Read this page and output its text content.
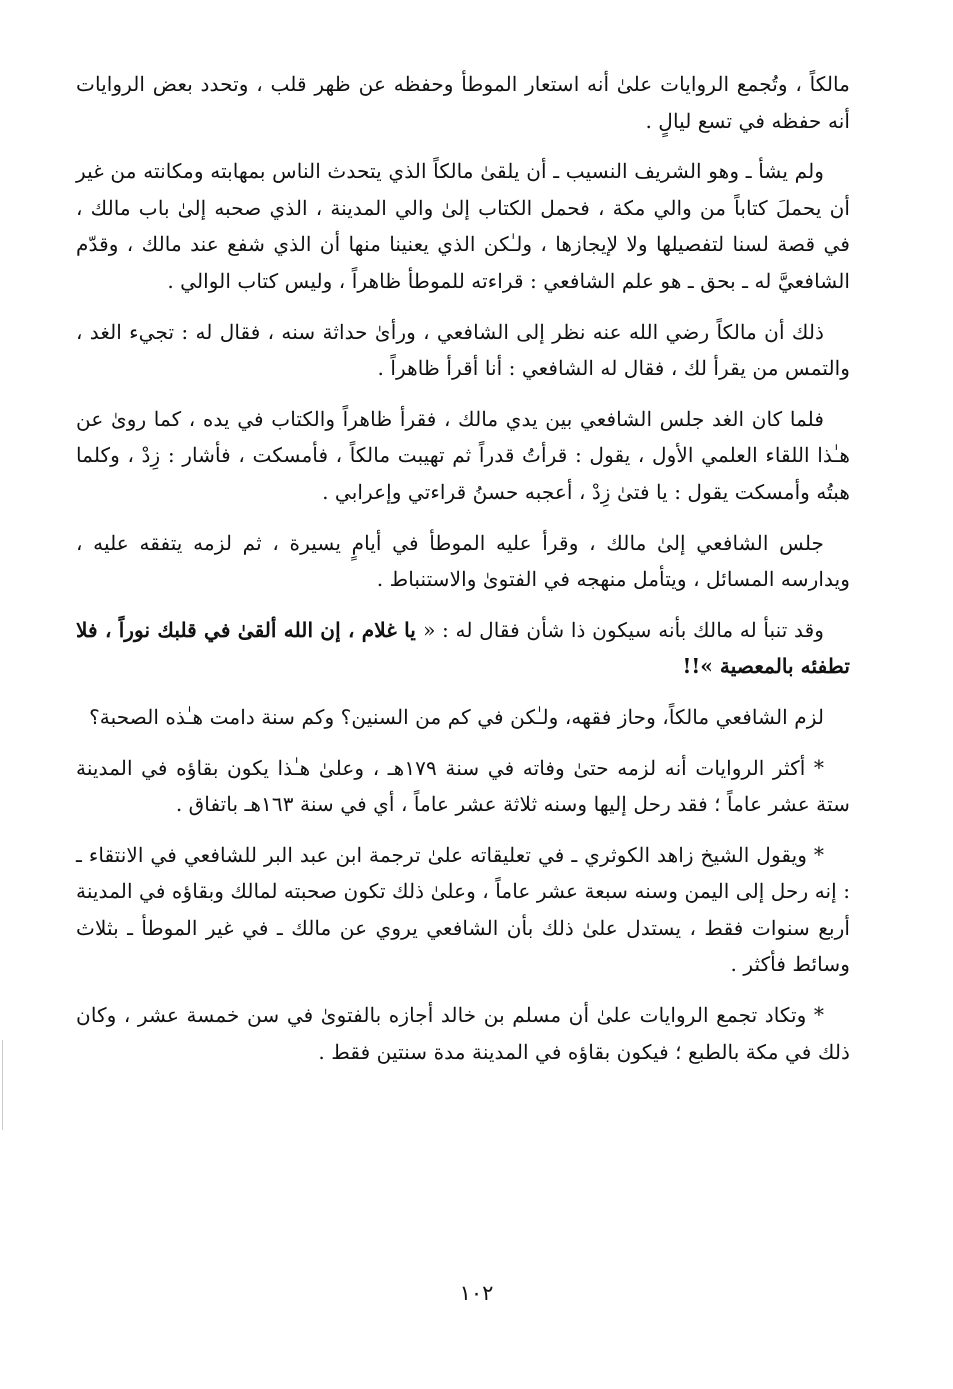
مالكاً ، وتُجمع الروايات علىٰ أنه استعار الموطأ وحفظه عن ظهر قلب ، وتحدد بعض الروايات أنه حفظه في تسع ليالٍ .

ولم يشأ ـ وهو الشريف النسيب ـ أن يلقىٰ مالكاً الذي يتحدث الناس بمهابته ومكانته من غير أن يحملَ كتاباً من والي مكة ، فحمل الكتاب إلىٰ والي المدينة ، الذي صحبه إلىٰ باب مالك ، في قصة لسنا لتفصيلها ولا لإيجازها ، ولـٰكن الذي يعنينا منها أن الذي شفع عند مالك ، وقدّم الشافعيَّ له ـ بحق ـ هو علم الشافعي : قراءته للموطأ ظاهراً ، وليس كتاب الوالي .

ذلك أن مالكاً رضي الله عنه نظر إلى الشافعي ، ورأىٰ حداثة سنه ، فقال له : تجيء الغد ، والتمس من يقرأ لك ، فقال له الشافعي : أنا أقرأ ظاهراً .

فلما كان الغد جلس الشافعي بين يدي مالك ، فقرأ ظاهراً والكتاب في يده ، كما روىٰ عن هـٰذا اللقاء العلمي الأول ، يقول : قرأتُ قدراً ثم تهيبت مالكاً ، فأمسكت ، فأشار : زِدْ ، وكلما هبتُه وأمسكت يقول : يا فتىٰ زِدْ ، أعجبه حسنُ قراءتي وإعرابي .

جلس الشافعي إلىٰ مالك ، وقرأ عليه الموطأ في أيامٍ يسيرة ، ثم لزمه يتفقه عليه ، ويدارسه المسائل ، ويتأمل منهجه في الفتوىٰ والاستنباط .

وقد تنبأ له مالك بأنه سيكون ذا شأن فقال له : « يا غلام ، إن الله ألقىٰ في قلبك نوراً ، فلا تطفئه بالمعصية »!!

لزم الشافعي مالكاً، وحاز فقهه، ولـٰكن في كم من السنين؟ وكم سنة دامت هـٰذه الصحبة؟

* أكثر الروايات أنه لزمه حتىٰ وفاته في سنة ١٧٩هـ ، وعلىٰ هـٰذا يكون بقاؤه في المدينة ستة عشر عاماً ؛ فقد رحل إليها وسنه ثلاثة عشر عاماً ، أي في سنة ١٦٣هـ باتفاق .

* ويقول الشيخ زاهد الكوثري ـ في تعليقاته علىٰ ترجمة ابن عبد البر للشافعي في الانتقاء ـ : إنه رحل إلى اليمن وسنه سبعة عشر عاماً ، وعلىٰ ذلك تكون صحبته لمالك وبقاؤه في المدينة أربع سنوات فقط ، يستدل علىٰ ذلك بأن الشافعي يروي عن مالك ـ في غير الموطأ ـ بثلاث وسائط فأكثر .

* وتكاد تجمع الروايات علىٰ أن مسلم بن خالد أجازه بالفتوىٰ في سن خمسة عشر ، وكان ذلك في مكة بالطبع ؛ فيكون بقاؤه في المدينة مدة سنتين فقط .

١٠٢
